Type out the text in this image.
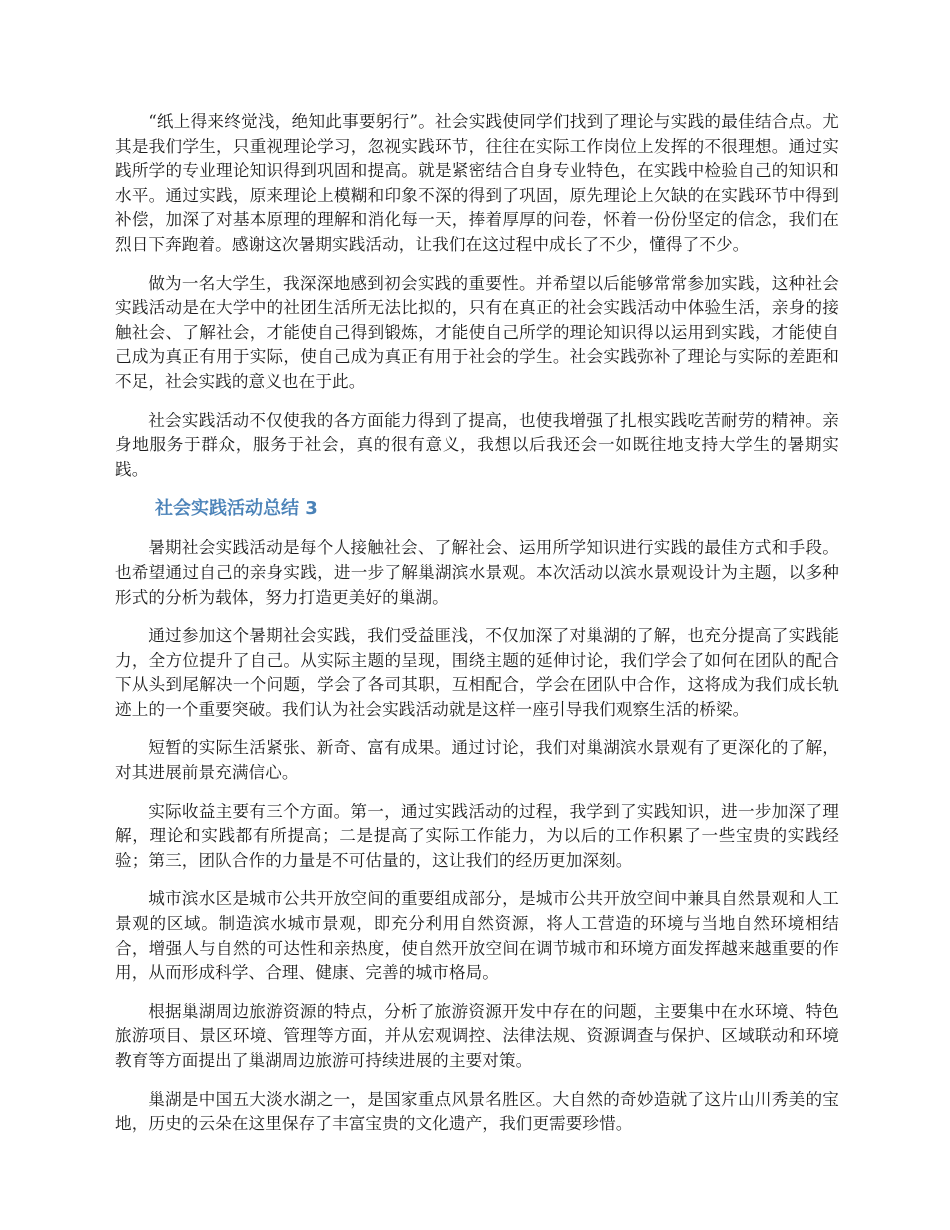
“纸上得来终觉浅，绝知此事要躬行”。社会实践使同学们找到了理论与实践的最佳结合点。尤其是我们学生，只重视理论学习，忽视实践环节，往往在实际工作岗位上发挥的不很理想。通过实践所学的专业理论知识得到巩固和提高。就是紧密结合自身专业特色，在实践中检验自己的知识和水平。通过实践，原来理论上模糊和印象不深的得到了巩固，原先理论上欠缺的在实践环节中得到补偿，加深了对基本原理的理解和消化每一天，捧着厚厚的问卷，怀着一份份坚定的信念，我们在烈日下奔跑着。感谢这次暑期实践活动，让我们在这过程中成长了不少，懂得了不少。

做为一名大学生，我深深地感到初会实践的重要性。并希望以后能够常常参加实践，这种社会实践活动是在大学中的社团生活所无法比拟的，只有在真正的社会实践活动中体验生活，亲身的接触社会、了解社会，才能使自己得到锻炼，才能使自己所学的理论知识得以运用到实践，才能使自己成为真正有用于实际，使自己成为真正有用于社会的学生。社会实践弥补了理论与实际的差距和不足，社会实践的意义也在于此。

社会实践活动不仅使我的各方面能力得到了提高，也使我增强了扎根实践吃苦耐劳的精神。亲身地服务于群众，服务于社会，真的很有意义，我想以后我还会一如既往地支持大学生的暑期实践。

社会实践活动总结 3

暑期社会实践活动是每个人接触社会、了解社会、运用所学知识进行实践的最佳方式和手段。也希望通过自己的亲身实践，进一步了解巢湖滨水景观。本次活动以滨水景观设计为主题，以多种形式的分析为载体，努力打造更美好的巢湖。

通过参加这个暑期社会实践，我们受益匪浅，不仅加深了对巢湖的了解，也充分提高了实践能力，全方位提升了自己。从实际主题的呈现，围绕主题的延伸讨论，我们学会了如何在团队的配合下从头到尾解决一个问题，学会了各司其职，互相配合，学会在团队中合作，这将成为我们成长轨迹上的一个重要突破。我们认为社会实践活动就是这样一座引导我们观察生活的桥梁。

短暂的实际生活紧张、新奇、富有成果。通过讨论，我们对巢湖滨水景观有了更深化的了解，对其进展前景充满信心。

实际收益主要有三个方面。第一，通过实践活动的过程，我学到了实践知识，进一步加深了理解，理论和实践都有所提高；二是提高了实际工作能力，为以后的工作积累了一些宝贵的实践经验；第三，团队合作的力量是不可估量的，这让我们的经历更加深刻。

城市滨水区是城市公共开放空间的重要组成部分，是城市公共开放空间中兼具自然景观和人工景观的区域。制造滨水城市景观，即充分利用自然资源，将人工营造的环境与当地自然环境相结合，增强人与自然的可达性和亲热度，使自然开放空间在调节城市和环境方面发挥越来越重要的作用，从而形成科学、合理、健康、完善的城市格局。

根据巢湖周边旅游资源的特点，分析了旅游资源开发中存在的问题，主要集中在水环境、特色旅游项目、景区环境、管理等方面，并从宏观调控、法律法规、资源调查与保护、区域联动和环境教育等方面提出了巢湖周边旅游可持续进展的主要对策。

巢湖是中国五大淡水湖之一，是国家重点风景名胜区。大自然的奇妙造就了这片山川秀美的宝地，历史的云朵在这里保存了丰富宝贵的文化遗产，我们更需要珍惜。
